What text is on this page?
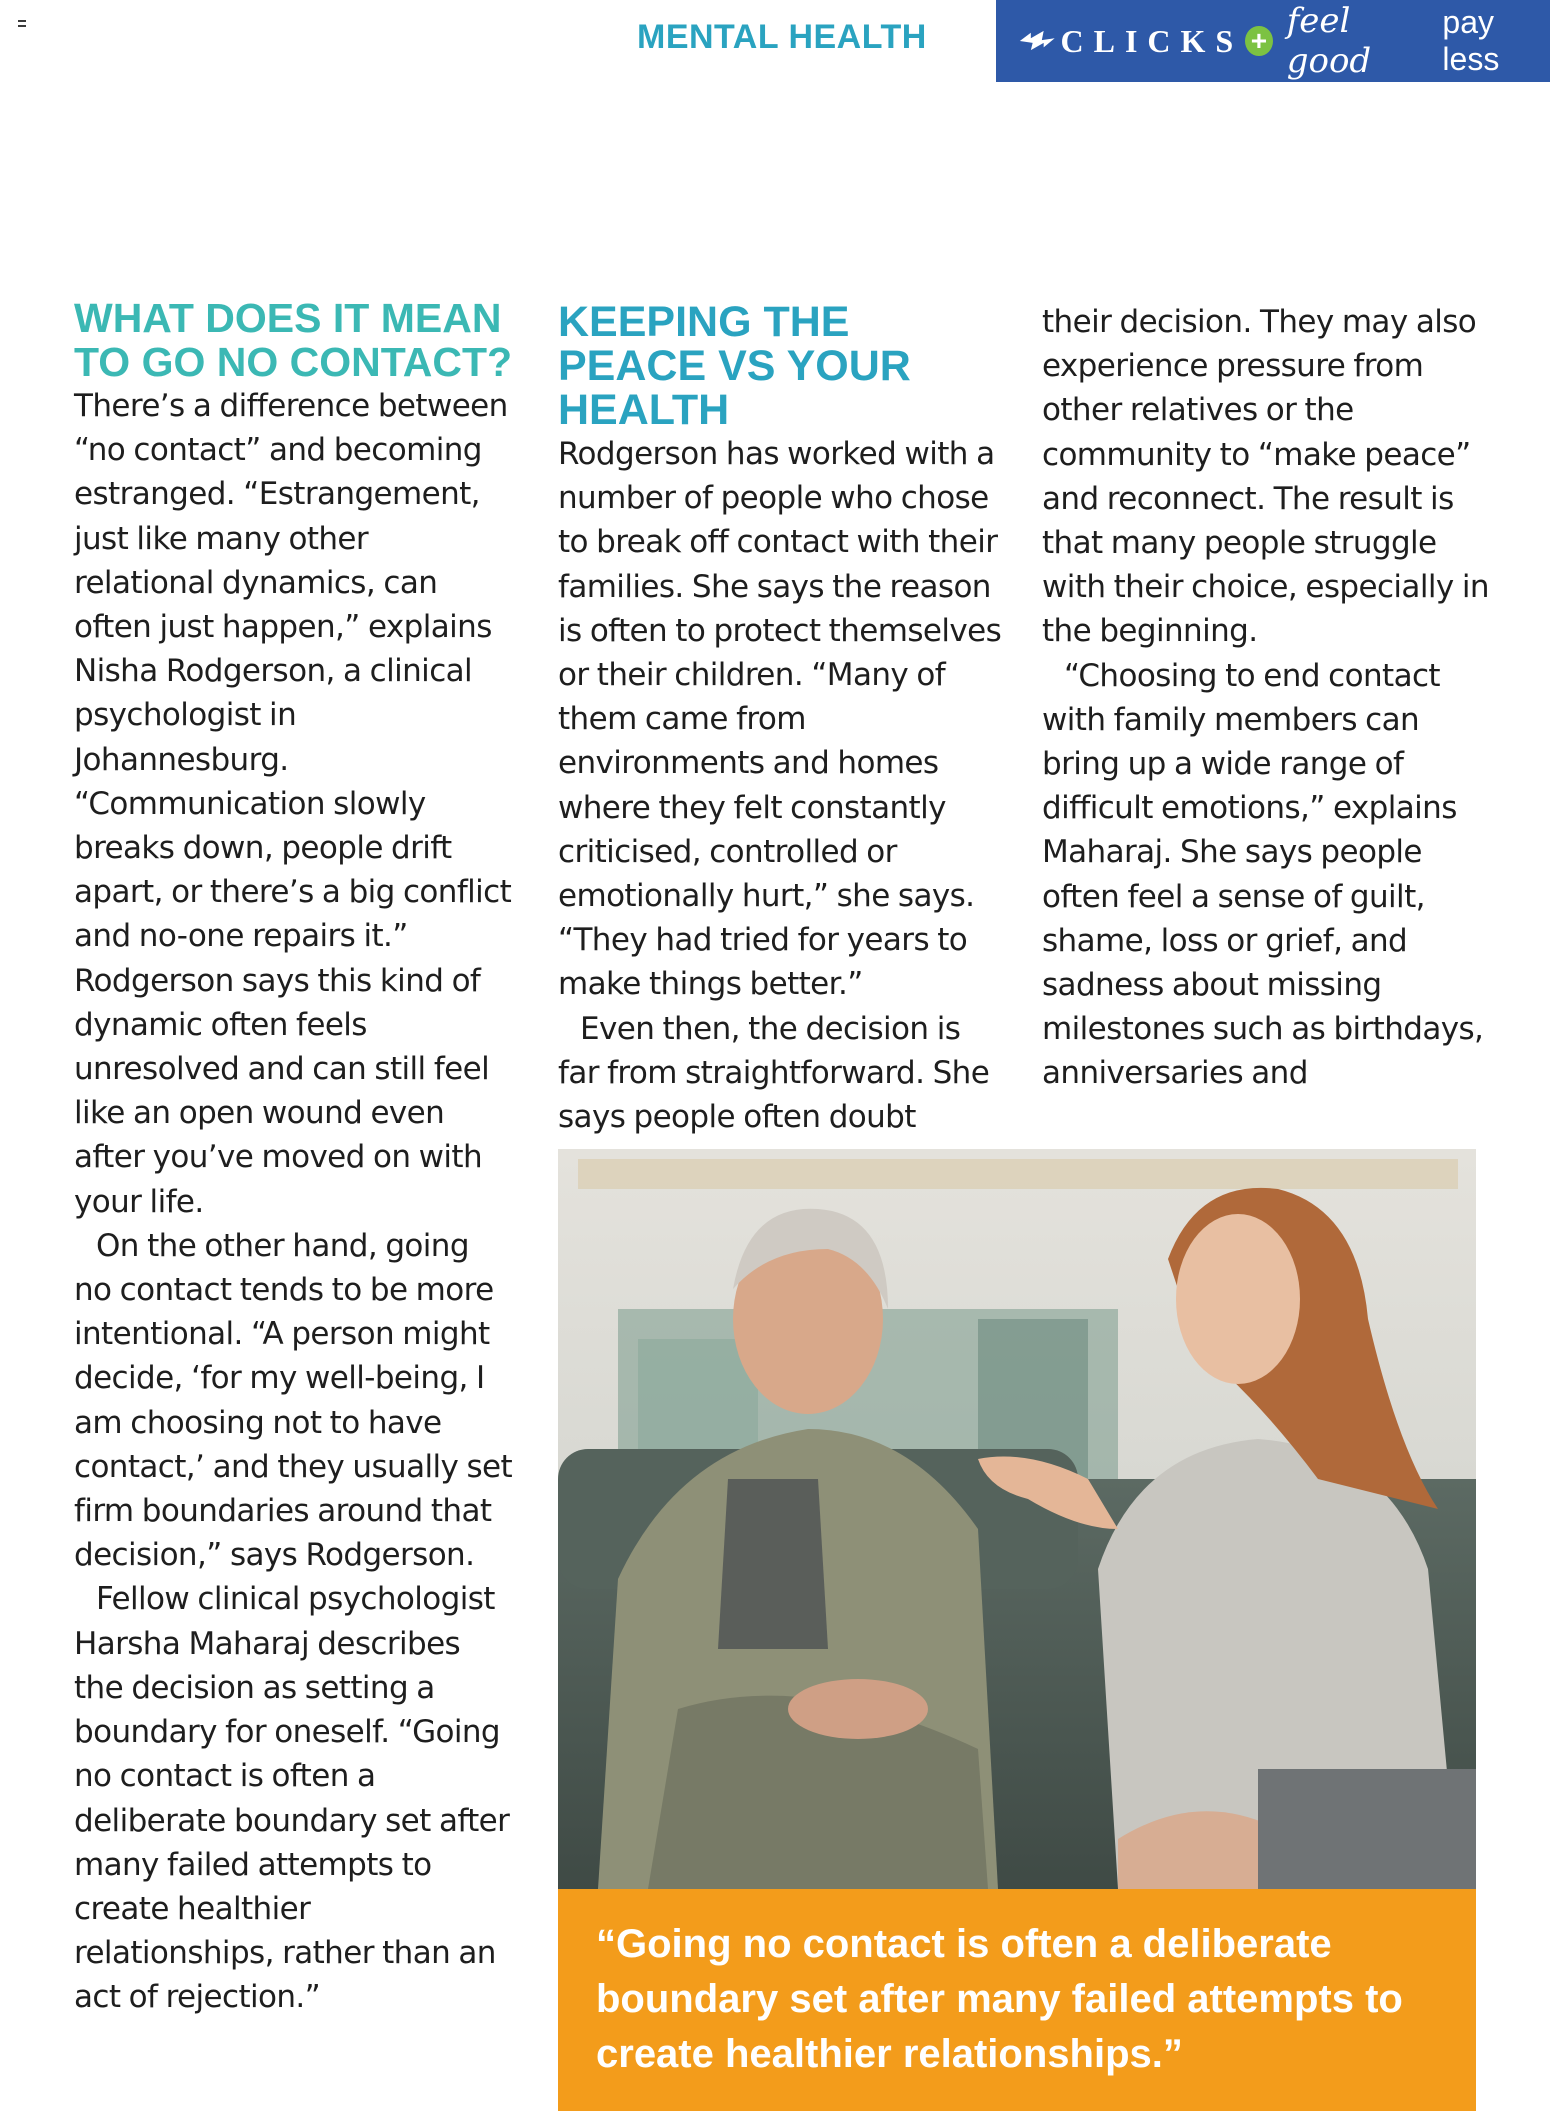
MENTAL HEALTH	CLICKS + feel good
pay less
WHAT DOES IT MEAN TO GO NO CONTACT?

There’s a difference between “no contact” and becoming estranged. “Estrangement, just like many other relational dynamics, can often just happen,” explains Nisha Rodgerson, a clinical psychologist in Johannesburg. “Communication slowly breaks down, people drift apart, or there’s a big conflict and no-one repairs it.” Rodgerson says this kind of dynamic often feels unresolved and can still feel like an open wound even after you’ve moved on with your life.

On the other hand, going no contact tends to be more intentional. “A person might decide, ‘for my well-being, I am choosing not to have contact,’ and they usually set firm boundaries around that decision,” says Rodgerson.

Fellow clinical psychologist Harsha Maharaj describes the decision as setting a boundary for oneself. “Going no contact is often a deliberate boundary set after many failed attempts to create healthier relationships, rather than an act of rejection.”

KEEPING THE PEACE VS YOUR HEALTH

Rodgerson has worked with a number of people who chose to break off contact with their families. She says the reason is often to protect themselves or their children. “Many of them came from environments and homes where they felt constantly criticised, controlled or emotionally hurt,” she says. “They had tried for years to make things better.”

Even then, the decision is far from straightforward. She says people often doubt

their decision. They may also experience pressure from other relatives or the community to “make peace” and reconnect. The result is that many people struggle with their choice, especially in the beginning.

“Choosing to end contact with family members can bring up a wide range of difficult emotions,” explains Maharaj. She says people often feel a sense of guilt, shame, loss or grief, and sadness about missing milestones such as birthdays, anniversaries and

“Going no contact is often a deliberate boundary set after many failed attempts to create healthier relationships.”
